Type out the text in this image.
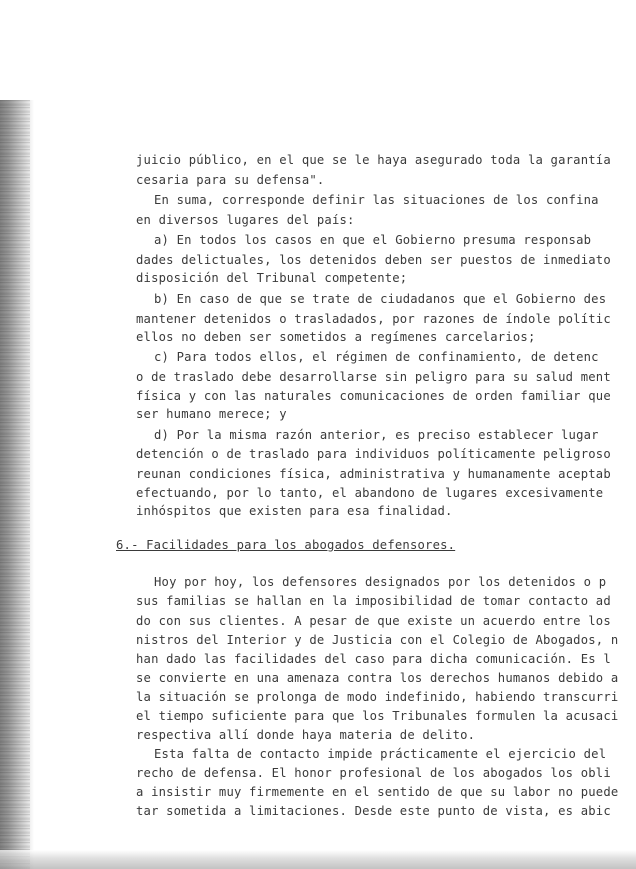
juicio público, en el que se le haya asegurado toda la garantía
cesaria para su defensa".
En suma, corresponde definir las situaciones de los confina
en diversos lugares del país:
a) En todos los casos en que el Gobierno presuma responsab
dades delictuales, los detenidos deben ser puestos de inmediato
disposición del Tribunal competente;
b) En caso de que se trate de ciudadanos que el Gobierno des
mantener detenidos o trasladados, por razones de índole polític
ellos no deben ser sometidos a regímenes carcelarios;
c) Para todos ellos, el régimen de confinamiento, de detenc
o de traslado debe desarrollarse sin peligro para su salud ment
física y con las naturales comunicaciones de orden familiar que
ser humano merece; y
d) Por la misma razón anterior, es preciso establecer lugar
detención o de traslado para individuos políticamente peligroso
reunan condiciones física, administrativa y humanamente aceptab
efectuando, por lo tanto, el abandono de lugares excesivamente
inhóspitos que existen para esa finalidad.
6.- Facilidades para los abogados defensores.
Hoy por hoy, los defensores designados por los detenidos o p
sus familias se hallan en la imposibilidad de tomar contacto ad
do con sus clientes. A pesar de que existe un acuerdo entre los
nistros del Interior y de Justicia con el Colegio de Abogados, n
han dado las facilidades del caso para dicha comunicación. Es l
se convierte en una amenaza contra los derechos humanos debido a
la situación se prolonga de modo indefinido, habiendo transcurri
el tiempo suficiente para que los Tribunales formulen la acusaci
respectiva allí donde haya materia de delito.
Esta falta de contacto impide prácticamente el ejercicio del
recho de defensa. El honor profesional de los abogados los obli
a insistir muy firmemente en el sentido de que su labor no puede
tar sometida a limitaciones. Desde este punto de vista, es abic
